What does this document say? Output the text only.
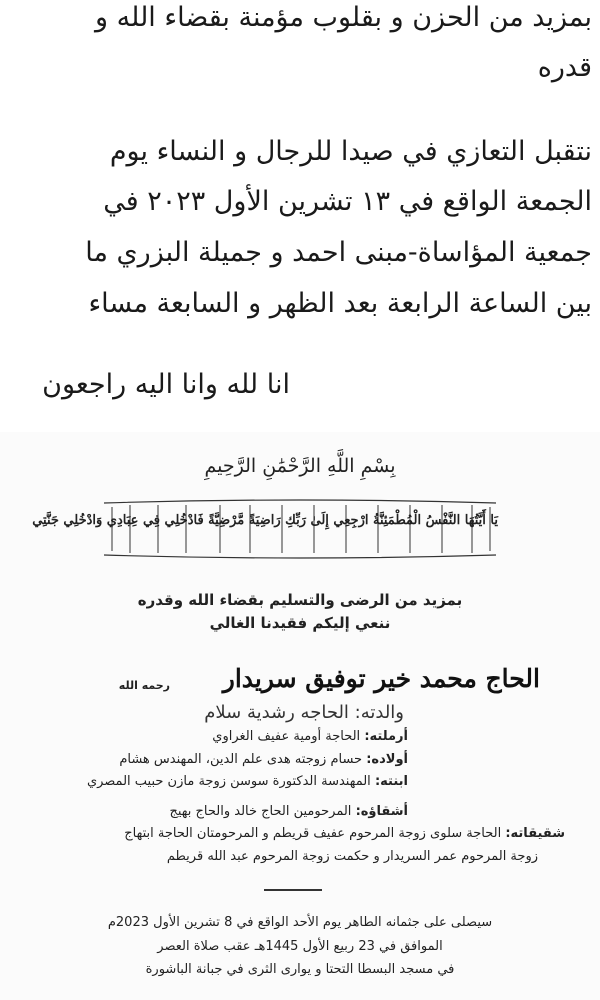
بمزيد من الحزن و بقلوب مؤمنة بقضاء الله و
قدره
نتقبل التعازي في صيدا للرجال و النساء يوم
الجمعة الواقع في ١٣ تشرين الأول ٢٠٢٣ في
جمعية المؤاساة-مبنى احمد و جميلة البزري ما
بين الساعة الرابعة بعد الظهر و السابعة مساء
انا لله وانا اليه راجعون
بِسْمِ اللَّهِ الرَّحْمَٰنِ الرَّحِيمِ
يَا أَيَّتُهَا النَّفْسُ الْمُطْمَئِنَّةُ ارْجِعِي إِلَىٰ رَبِّكِ رَاضِيَةً مَّرْضِيَّةً فَادْخُلِي فِي عِبَادِي وَادْخُلِي جَنَّتِي
بمزيد من الرضى والتسليم بقضاء الله وقدره
ننعي إليكم فقيدنا الغالي
الحاج محمد خير توفيق سريدار
رحمه الله
والدته: الحاجه رشدية سلام
أرملته: الحاجة أومية عفيف الغراوي
أولاده: حسام زوجته هدى علم الدين، المهندس هشام
ابنته: المهندسة الدكتورة سوسن زوجة مازن حبيب المصري
أشقاؤه: المرحومين الحاج خالد والحاج بهيج
شقيقاته: الحاجة سلوى زوجة المرحوم عفيف قريطم و المرحومتان الحاجة ابتهاج
زوجة المرحوم عمر السريدار و حكمت زوجة المرحوم عبد الله قريطم
سيصلى على جثمانه الطاهر يوم الأحد الواقع في 8 تشرين الأول 2023م
الموافق في 23 ربيع الأول 1445هـ عقب صلاة العصر
في مسجد البسطا التحتا و يوارى الثرى في جبانة الباشورة
